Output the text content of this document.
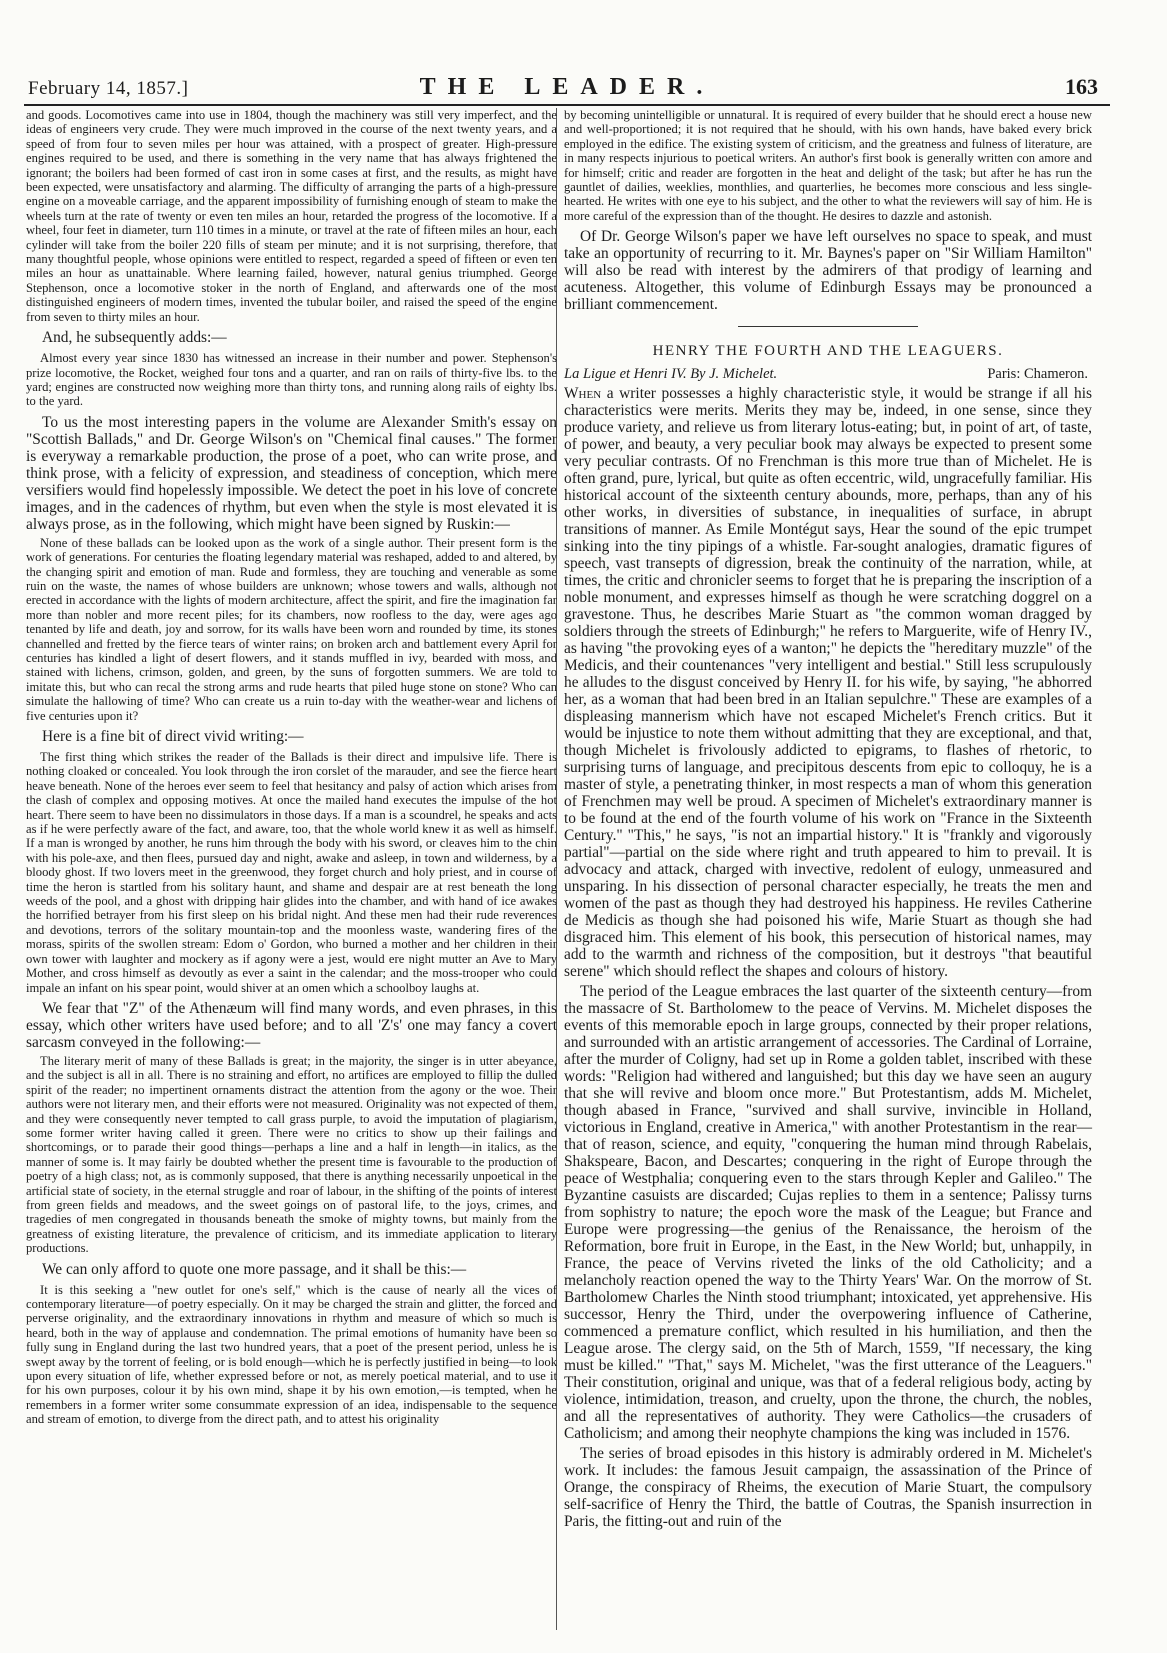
February 14, 1857.]	THE LEADER.	163

and goods. Locomotives came into use in 1804, though the machinery was still very imperfect, and the ideas of engineers very crude. They were much improved in the course of the next twenty years, and a speed of from four to seven miles per hour was attained, with a prospect of greater. High-pressure engines required to be used, and there is something in the very name that has always frightened the ignorant; the boilers had been formed of cast iron in some cases at first, and the results, as might have been expected, were unsatisfactory and alarming. The difficulty of arranging the parts of a high-pressure engine on a moveable carriage, and the apparent impossibility of furnishing enough of steam to make the wheels turn at the rate of twenty or even ten miles an hour, retarded the progress of the locomotive. If a wheel, four feet in diameter, turn 110 times in a minute, or travel at the rate of fifteen miles an hour, each cylinder will take from the boiler 220 fills of steam per minute; and it is not surprising, therefore, that many thoughtful people, whose opinions were entitled to respect, regarded a speed of fifteen or even ten miles an hour as unattainable. Where learning failed, however, natural genius triumphed. George Stephenson, once a locomotive stoker in the north of England, and afterwards one of the most distinguished engineers of modern times, invented the tubular boiler, and raised the speed of the engine from seven to thirty miles an hour.

And, he subsequently adds:—

Almost every year since 1830 has witnessed an increase in their number and power. Stephenson's prize locomotive, the Rocket, weighed four tons and a quarter, and ran on rails of thirty-five lbs. to the yard; engines are constructed now weighing more than thirty tons, and running along rails of eighty lbs. to the yard.

To us the most interesting papers in the volume are Alexander Smith's essay on "Scottish Ballads," and Dr. George Wilson's on "Chemical final causes." The former is everyway a remarkable production, the prose of a poet, who can write prose, and think prose, with a felicity of expression, and steadiness of conception, which mere versifiers would find hopelessly impossible. We detect the poet in his love of concrete images, and in the cadences of rhythm, but even when the style is most elevated it is always prose, as in the following, which might have been signed by Ruskin:—

None of these ballads can be looked upon as the work of a single author. Their present form is the work of generations. For centuries the floating legendary material was reshaped, added to and altered, by the changing spirit and emotion of man. Rude and formless, they are touching and venerable as some ruin on the waste, the names of whose builders are unknown; whose towers and walls, although not erected in accordance with the lights of modern architecture, affect the spirit, and fire the imagination far more than nobler and more recent piles; for its chambers, now roofless to the day, were ages ago tenanted by life and death, joy and sorrow, for its walls have been worn and rounded by time, its stones channelled and fretted by the fierce tears of winter rains; on broken arch and battlement every April for centuries has kindled a light of desert flowers, and it stands muffled in ivy, bearded with moss, and stained with lichens, crimson, golden, and green, by the suns of forgotten summers. We are told to imitate this, but who can recal the strong arms and rude hearts that piled huge stone on stone? Who can simulate the hallowing of time? Who can create us a ruin to-day with the weather-wear and lichens of five centuries upon it?

Here is a fine bit of direct vivid writing:—

The first thing which strikes the reader of the Ballads is their direct and impulsive life. There is nothing cloaked or concealed. You look through the iron corslet of the marauder, and see the fierce heart heave beneath. None of the heroes ever seem to feel that hesitancy and palsy of action which arises from the clash of complex and opposing motives. At once the mailed hand executes the impulse of the hot heart. There seem to have been no dissimulators in those days. If a man is a scoundrel, he speaks and acts as if he were perfectly aware of the fact, and aware, too, that the whole world knew it as well as himself. If a man is wronged by another, he runs him through the body with his sword, or cleaves him to the chin with his pole-axe, and then flees, pursued day and night, awake and asleep, in town and wilderness, by a bloody ghost. If two lovers meet in the greenwood, they forget church and holy priest, and in course of time the heron is startled from his solitary haunt, and shame and despair are at rest beneath the long weeds of the pool, and a ghost with dripping hair glides into the chamber, and with hand of ice awakes the horrified betrayer from his first sleep on his bridal night. And these men had their rude reverences and devotions, terrors of the solitary mountain-top and the moonless waste, wandering fires of the morass, spirits of the swollen stream: Edom o' Gordon, who burned a mother and her children in their own tower with laughter and mockery as if agony were a jest, would ere night mutter an Ave to Mary Mother, and cross himself as devoutly as ever a saint in the calendar; and the moss-trooper who could impale an infant on his spear point, would shiver at an omen which a schoolboy laughs at.

We fear that "Z" of the Athenæum will find many words, and even phrases, in this essay, which other writers have used before; and to all 'Z's' one may fancy a covert sarcasm conveyed in the following:—

The literary merit of many of these Ballads is great; in the majority, the singer is in utter abeyance, and the subject is all in all. There is no straining and effort, no artifices are employed to fillip the dulled spirit of the reader; no impertinent ornaments distract the attention from the agony or the woe. Their authors were not literary men, and their efforts were not measured. Originality was not expected of them, and they were consequently never tempted to call grass purple, to avoid the imputation of plagiarism, some former writer having called it green. There were no critics to show up their failings and shortcomings, or to parade their good things—perhaps a line and a half in length—in italics, as the manner of some is. It may fairly be doubted whether the present time is favourable to the production of poetry of a high class; not, as is commonly supposed, that there is anything necessarily unpoetical in the artificial state of society, in the eternal struggle and roar of labour, in the shifting of the points of interest from green fields and meadows, and the sweet goings on of pastoral life, to the joys, crimes, and tragedies of men congregated in thousands beneath the smoke of mighty towns, but mainly from the greatness of existing literature, the prevalence of criticism, and its immediate application to literary productions.

We can only afford to quote one more passage, and it shall be this:—

It is this seeking a "new outlet for one's self," which is the cause of nearly all the vices of contemporary literature—of poetry especially. On it may be charged the strain and glitter, the forced and perverse originality, and the extraordinary innovations in rhythm and measure of which so much is heard, both in the way of applause and condemnation. The primal emotions of humanity have been so fully sung in England during the last two hundred years, that a poet of the present period, unless he is swept away by the torrent of feeling, or is bold enough—which he is perfectly justified in being—to look upon every situation of life, whether expressed before or not, as merely poetical material, and to use it for his own purposes, colour it by his own mind, shape it by his own emotion,—is tempted, when he remembers in a former writer some consummate expression of an idea, indispensable to the sequence and stream of emotion, to diverge from the direct path, and to attest his originality

by becoming unintelligible or unnatural. It is required of every builder that he should erect a house new and well-proportioned; it is not required that he should, with his own hands, have baked every brick employed in the edifice. The existing system of criticism, and the greatness and fulness of literature, are in many respects injurious to poetical writers. An author's first book is generally written con amore and for himself; critic and reader are forgotten in the heat and delight of the task; but after he has run the gauntlet of dailies, weeklies, monthlies, and quarterlies, he becomes more conscious and less single-hearted. He writes with one eye to his subject, and the other to what the reviewers will say of him. He is more careful of the expression than of the thought. He desires to dazzle and astonish.

Of Dr. George Wilson's paper we have left ourselves no space to speak, and must take an opportunity of recurring to it. Mr. Baynes's paper on "Sir William Hamilton" will also be read with interest by the admirers of that prodigy of learning and acuteness. Altogether, this volume of Edinburgh Essays may be pronounced a brilliant commencement.

HENRY THE FOURTH AND THE LEAGUERS.
La Ligue et Henri IV. By J. Michelet.	Paris: Chameron.

When a writer possesses a highly characteristic style, it would be strange if all his characteristics were merits. Merits they may be, indeed, in one sense, since they produce variety, and relieve us from literary lotus-eating; but, in point of art, of taste, of power, and beauty, a very peculiar book may always be expected to present some very peculiar contrasts. Of no Frenchman is this more true than of Michelet. He is often grand, pure, lyrical, but quite as often eccentric, wild, ungracefully familiar. His historical account of the sixteenth century abounds, more, perhaps, than any of his other works, in diversities of substance, in inequalities of surface, in abrupt transitions of manner. As Emile Montégut says, Hear the sound of the epic trumpet sinking into the tiny pipings of a whistle. Far-sought analogies, dramatic figures of speech, vast transepts of digression, break the continuity of the narration, while, at times, the critic and chronicler seems to forget that he is preparing the inscription of a noble monument, and expresses himself as though he were scratching doggrel on a gravestone. Thus, he describes Marie Stuart as "the common woman dragged by soldiers through the streets of Edinburgh;" he refers to Marguerite, wife of Henry IV., as having "the provoking eyes of a wanton;" he depicts the "hereditary muzzle" of the Medicis, and their countenances "very intelligent and bestial." Still less scrupulously he alludes to the disgust conceived by Henry II. for his wife, by saying, "he abhorred her, as a woman that had been bred in an Italian sepulchre." These are examples of a displeasing mannerism which have not escaped Michelet's French critics. But it would be injustice to note them without admitting that they are exceptional, and that, though Michelet is frivolously addicted to epigrams, to flashes of rhetoric, to surprising turns of language, and precipitous descents from epic to colloquy, he is a master of style, a penetrating thinker, in most respects a man of whom this generation of Frenchmen may well be proud. A specimen of Michelet's extraordinary manner is to be found at the end of the fourth volume of his work on "France in the Sixteenth Century." "This," he says, "is not an impartial history." It is "frankly and vigorously partial"—partial on the side where right and truth appeared to him to prevail. It is advocacy and attack, charged with invective, redolent of eulogy, unmeasured and unsparing. In his dissection of personal character especially, he treats the men and women of the past as though they had destroyed his happiness. He reviles Catherine de Medicis as though she had poisoned his wife, Marie Stuart as though she had disgraced him. This element of his book, this persecution of historical names, may add to the warmth and richness of the composition, but it destroys "that beautiful serene" which should reflect the shapes and colours of history.

The period of the League embraces the last quarter of the sixteenth century—from the massacre of St. Bartholomew to the peace of Vervins. M. Michelet disposes the events of this memorable epoch in large groups, connected by their proper relations, and surrounded with an artistic arrangement of accessories. The Cardinal of Lorraine, after the murder of Coligny, had set up in Rome a golden tablet, inscribed with these words: "Religion had withered and languished; but this day we have seen an augury that she will revive and bloom once more." But Protestantism, adds M. Michelet, though abased in France, "survived and shall survive, invincible in Holland, victorious in England, creative in America," with another Protestantism in the rear—that of reason, science, and equity, "conquering the human mind through Rabelais, Shakspeare, Bacon, and Descartes; conquering in the right of Europe through the peace of Westphalia; conquering even to the stars through Kepler and Galileo." The Byzantine casuists are discarded; Cujas replies to them in a sentence; Palissy turns from sophistry to nature; the epoch wore the mask of the League; but France and Europe were progressing—the genius of the Renaissance, the heroism of the Reformation, bore fruit in Europe, in the East, in the New World; but, unhappily, in France, the peace of Vervins riveted the links of the old Catholicity; and a melancholy reaction opened the way to the Thirty Years' War. On the morrow of St. Bartholomew Charles the Ninth stood triumphant; intoxicated, yet apprehensive. His successor, Henry the Third, under the overpowering influence of Catherine, commenced a premature conflict, which resulted in his humiliation, and then the League arose. The clergy said, on the 5th of March, 1559, "If necessary, the king must be killed." "That," says M. Michelet, "was the first utterance of the Leaguers." Their constitution, original and unique, was that of a federal religious body, acting by violence, intimidation, treason, and cruelty, upon the throne, the church, the nobles, and all the representatives of authority. They were Catholics—the crusaders of Catholicism; and among their neophyte champions the king was included in 1576.

The series of broad episodes in this history is admirably ordered in M. Michelet's work. It includes: the famous Jesuit campaign, the assassination of the Prince of Orange, the conspiracy of Rheims, the execution of Marie Stuart, the compulsory self-sacrifice of Henry the Third, the battle of Coutras, the Spanish insurrection in Paris, the fitting-out and ruin of the
